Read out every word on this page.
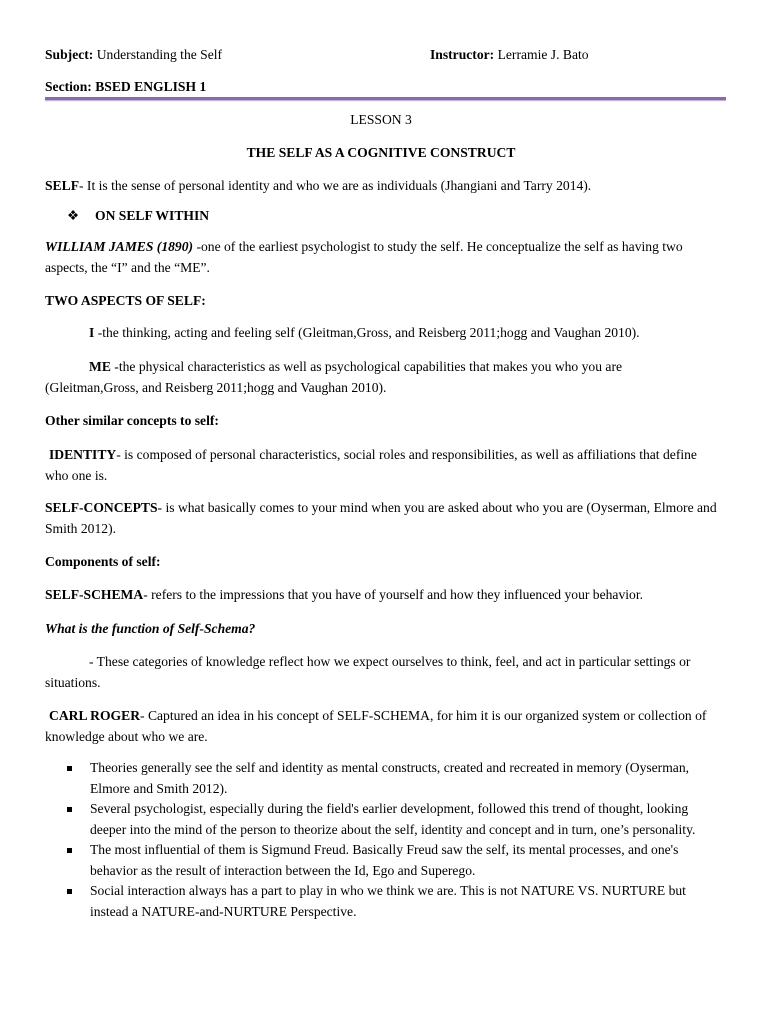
Subject: Understanding the Self	Instructor: Lerramie J. Bato
Section: BSED ENGLISH 1

LESSON 3

THE SELF AS A COGNITIVE CONSTRUCT

SELF- It is the sense of personal identity and who we are as individuals (Jhangiani and Tarry 2014).

❖ ON SELF WITHIN

WILLIAM JAMES (1890) -one of the earliest psychologist to study the self. He conceptualize the self as having two aspects, the “I” and the “ME”.

TWO ASPECTS OF SELF:

I -the thinking, acting and feeling self (Gleitman,Gross, and Reisberg 2011;hogg and Vaughan 2010).

ME -the physical characteristics as well as psychological capabilities that makes you who you are (Gleitman,Gross, and Reisberg 2011;hogg and Vaughan 2010).

Other similar concepts to self:

IDENTITY- is composed of personal characteristics, social roles and responsibilities, as well as affiliations that define who one is.

SELF-CONCEPTS- is what basically comes to your mind when you are asked about who you are (Oyserman, Elmore and Smith 2012).

Components of self:

SELF-SCHEMA- refers to the impressions that you have of yourself and how they influenced your behavior.

What is the function of Self-Schema?

- These categories of knowledge reflect how we expect ourselves to think, feel, and act in particular settings or situations.

CARL ROGER- Captured an idea in his concept of SELF-SCHEMA, for him it is our organized system or collection of knowledge about who we are.

Theories generally see the self and identity as mental constructs, created and recreated in memory (Oyserman, Elmore and Smith 2012).
Several psychologist, especially during the field's earlier development, followed this trend of thought, looking deeper into the mind of the person to theorize about the self, identity and concept and in turn, one’s personality.
The most influential of them is Sigmund Freud. Basically Freud saw the self, its mental processes, and one's behavior as the result of interaction between the Id, Ego and Superego.
Social interaction always has a part to play in who we think we are. This is not NATURE VS. NURTURE but instead a NATURE-and-NURTURE Perspective.
